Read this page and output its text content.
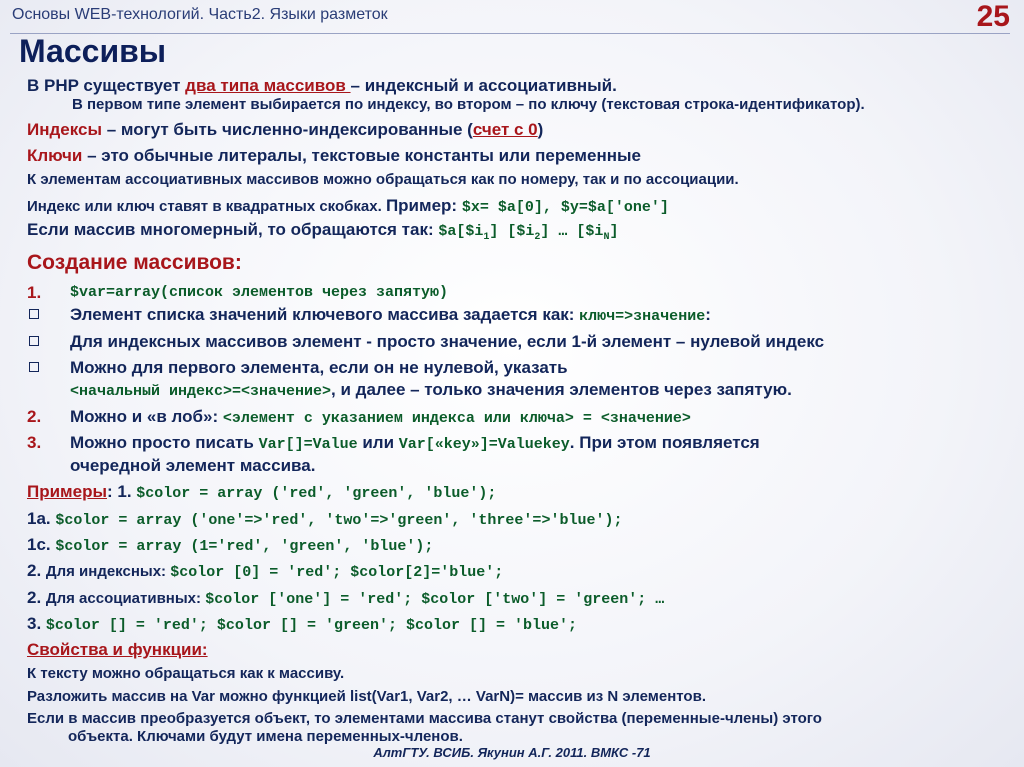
Основы WEB-технологий. Часть2. Языки разметок	25
Массивы
В PHP существует два типа массивов – индексный и ассоциативный.
В первом типе элемент выбирается по индексу, во втором – по ключу (текстовая строка-идентификатор).
Индексы – могут быть численно-индексированные (счет с 0)
Ключи – это обычные литералы, текстовые константы или переменные
К элементам ассоциативных массивов можно обращаться как по номеру, так и по ассоциации.
Индекс или ключ ставят в квадратных скобках. Пример: $x= $a[0], $y=$a['one']
Если массив многомерный, то обращаются так: $\$a[\$i_1]$ $[\$i_2]$ … $[\$i_N]$
Создание массивов:
1. $var=array(список элементов через запятую)
Элемент списка значений ключевого массива задается как: ключ=>значение:
Для индексных массивов элемент - просто значение, если 1-й элемент – нулевой индекс
Можно для первого элемента, если он не нулевой, указать
<начальный индекс>=<значение>, и далее – только значения элементов через запятую.
2. Можно и «в лоб»: <элемент с указанием индекса или ключа> = <значение>
3. Можно просто писать Var[]=Value или Var[«key»]=Valuekey. При этом появляется
очередной элемент массива.
Примеры: 1. $color = array ('red', 'green', 'blue');
1a. $color = array ('one'=>'red', 'two'=>'green', 'three'=>'blue');
1c. $color = array (1='red', 'green', 'blue');
2. Для индексных: $color [0] = 'red'; $color[2]='blue';
2. Для ассоциативных: $color ['one'] = 'red'; $color ['two'] = 'green'; …
3. $color [] = 'red'; $color [] = 'green'; $color [] = 'blue';
Свойства и функции:
К тексту можно обращаться как к массиву.
Разложить массив на Var можно функцией list(Var1, Var2, … VarN)= массив из N элементов.
Если в массив преобразуется объект, то элементами массива станут свойства (переменные-члены) этого
объекта. Ключами будут имена переменных-членов.
АлтГТУ. ВСИБ. Якунин А.Г. 2011. ВМКС -71
